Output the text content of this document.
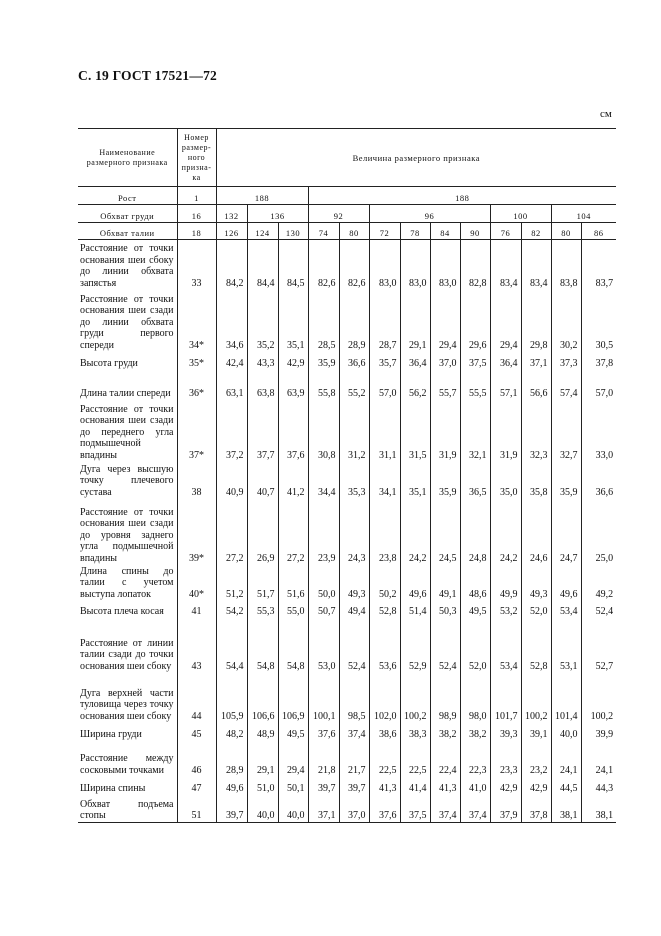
С. 19 ГОСТ 17521—72
см
Наименование размерного признака	Номер размер-ного призна-ка	Величина размерного признака												
Рост	1	188			188									
Обхват груди	16	132	136		92		96				100		104	
Обхват талии	18	126	124	130	74	80	72	78	84	90	76	82	80	86
Расстояние от точки основания шеи сбоку до линии обхвата запястья	33	84,2	84,4	84,5	82,6	82,6	83,0	83,0	83,0	82,8	83,4	83,4	83,8	83,7
Расстояние от точки основания шеи сзади до линии обхвата груди первого спереди	34*	34,6	35,2	35,1	28,5	28,9	28,7	29,1	29,4	29,6	29,4	29,8	30,2	30,5
Высота груди	35*	42,4	43,3	42,9	35,9	36,6	35,7	36,4	37,0	37,5	36,4	37,1	37,3	37,8
Длина талии спереди	36*	63,1	63,8	63,9	55,8	55,2	57,0	56,2	55,7	55,5	57,1	56,6	57,4	57,0
Расстояние от точки основания шеи сзади до переднего угла подмышечной впадины	37*	37,2	37,7	37,6	30,8	31,2	31,1	31,5	31,9	32,1	31,9	32,3	32,7	33,0
Дуга через высшую точку плечевого сустава	38	40,9	40,7	41,2	34,4	35,3	34,1	35,1	35,9	36,5	35,0	35,8	35,9	36,6
Расстояние от точки основания шеи сзади до уровня заднего угла подмышечной впадины	39*	27,2	26,9	27,2	23,9	24,3	23,8	24,2	24,5	24,8	24,2	24,6	24,7	25,0
Длина спины до талии с учетом выступа лопаток	40*	51,2	51,7	51,6	50,0	49,3	50,2	49,6	49,1	48,6	49,9	49,3	49,6	49,2
Высота плеча косая	41	54,2	55,3	55,0	50,7	49,4	52,8	51,4	50,3	49,5	53,2	52,0	53,4	52,4
Расстояние от линии талии сзади до точки основания шеи сбоку	43	54,4	54,8	54,8	53,0	52,4	53,6	52,9	52,4	52,0	53,4	52,8	53,1	52,7
Дуга верхней части туловища через точку основания шеи сбоку	44	105,9	106,6	106,9	100,1	98,5	102,0	100,2	98,9	98,0	101,7	100,2	101,4	100,2
Ширина груди	45	48,2	48,9	49,5	37,6	37,4	38,6	38,3	38,2	38,2	39,3	39,1	40,0	39,9
Расстояние между сосковыми точками	46	28,9	29,1	29,4	21,8	21,7	22,5	22,5	22,4	22,3	23,3	23,2	24,1	24,1
Ширина спины	47	49,6	51,0	50,1	39,7	39,7	41,3	41,4	41,3	41,0	42,9	42,9	44,5	44,3
Обхват подъема стопы	51	39,7	40,0	40,0	37,1	37,0	37,6	37,5	37,4	37,4	37,9	37,8	38,1	38,1
